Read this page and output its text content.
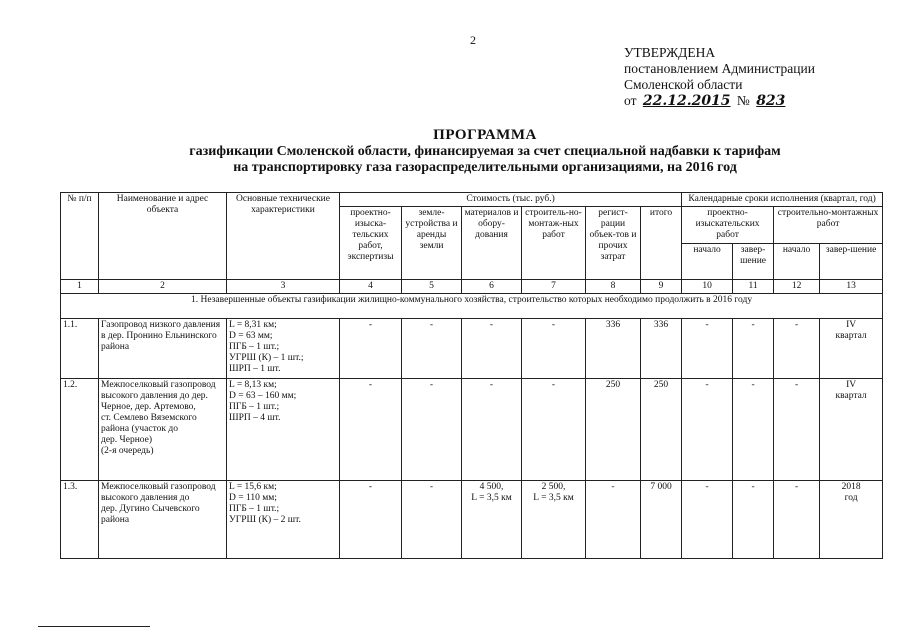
2
УТВЕРЖДЕНА
постановлением Администрации
Смоленской области
от 22.12.2015 № 823
ПРОГРАММА
газификации Смоленской области, финансируемая за счет специальной надбавки к тарифам
на транспортировку газа газораспределительными организациями, на 2016 год
№ п/п	Наименование и адрес объекта	Основные технические характеристики	Стоимость (тыс. руб.)						Календарные сроки исполнения (квартал, год)			
			проектно-изыска-тельских работ, экспертизы	земле-устройства и аренды земли	материалов и обору-дования	строитель-но-монтаж-ных работ	регист-рации объек-тов и прочих затрат	итого	проектно-изыскательских работ		строительно-монтажных работ	
									начало	завер-шение	начало	завер-шение
1	2	3	4	5	6	7	8	9	10	11	12	13
1. Незавершенные объекты газификации жилищно-коммунального хозяйства, строительство которых необходимо продолжить в 2016 году												
1.1.	Газопровод низкого давления в дер. Пронино Ельнинского района	L = 8,31 км;
D = 63 мм;
ПГБ – 1 шт.;
УГРШ (К) – 1 шт.;
ШРП – 1 шт.	-	-	-	-	336	336	-	-	-	IV
квартал
1.2.	Межпоселковый газопровод высокого давления до дер. Черное, дер. Артемово,
ст. Семлево Вяземского района (участок до
дер. Черное)
(2-я очередь)	L = 8,13 км;
D = 63 – 160 мм;
ПГБ – 1 шт.;
ШРП – 4 шт.	-	-	-	-	250	250	-	-	-	IV
квартал
1.3.	Межпоселковый газопровод высокого давления до
дер. Дугино Сычевского района	L = 15,6 км;
D = 110 мм;
ПГБ – 1 шт.;
УГРШ (К) – 2 шт.	-	-	4 500,
L = 3,5 км	2 500,
L = 3,5 км	-	7 000	-	-	-	2018
год
